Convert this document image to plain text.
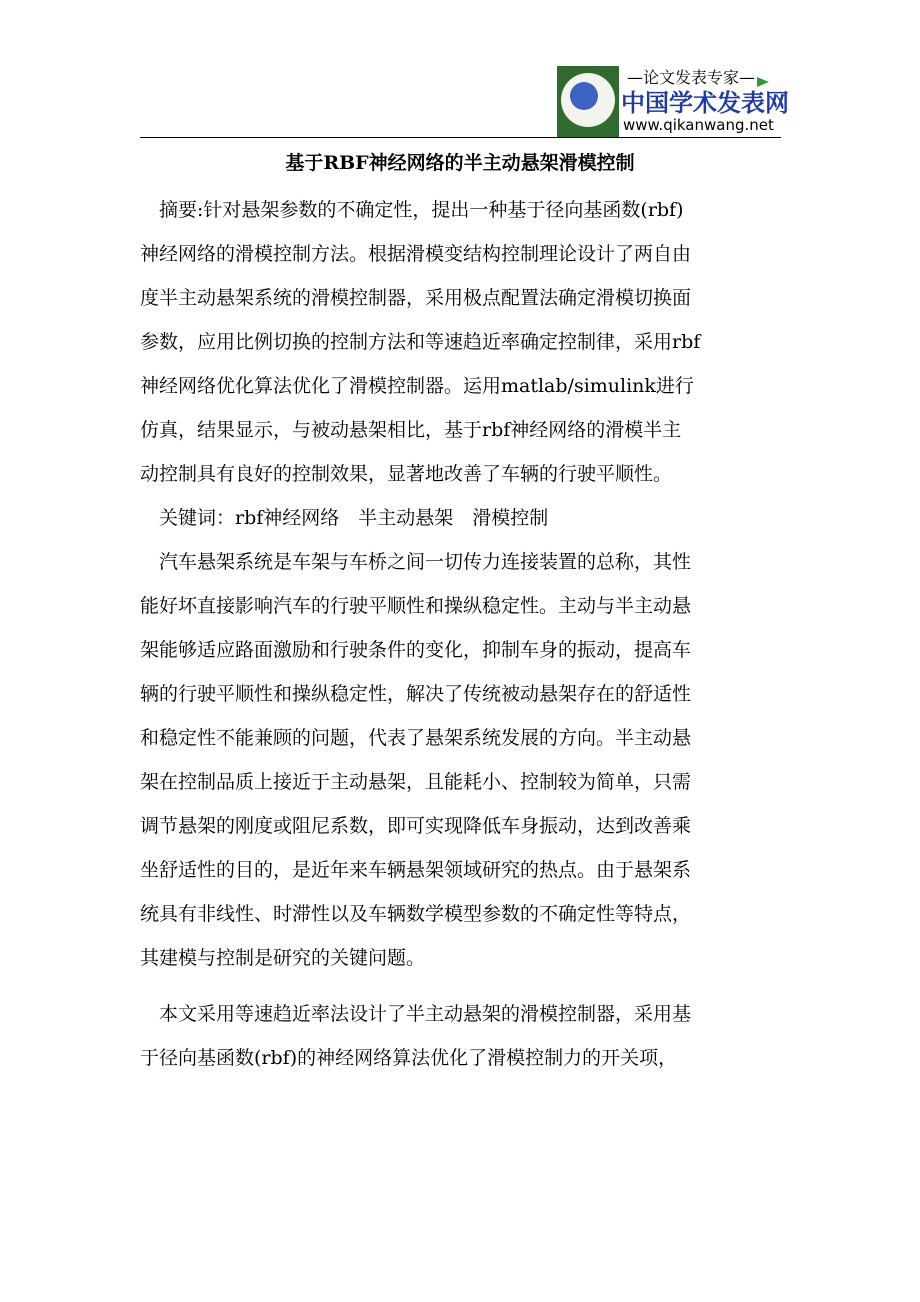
—论文发表专家—
中国学术发表网
www.qikanwang.net
基于RBF神经网络的半主动悬架滑模控制

　摘要:针对悬架参数的不确定性，提出一种基于径向基函数(rbf)

神经网络的滑模控制方法。根据滑模变结构控制理论设计了两自由

度半主动悬架系统的滑模控制器，采用极点配置法确定滑模切换面

参数，应用比例切换的控制方法和等速趋近率确定控制律，采用rbf

神经网络优化算法优化了滑模控制器。运用matlab/simulink进行

仿真，结果显示，与被动悬架相比，基于rbf神经网络的滑模半主

动控制具有良好的控制效果，显著地改善了车辆的行驶平顺性。

　关键词：rbf神经网络　半主动悬架　滑模控制

　汽车悬架系统是车架与车桥之间一切传力连接装置的总称，其性

能好坏直接影响汽车的行驶平顺性和操纵稳定性。主动与半主动悬

架能够适应路面激励和行驶条件的变化，抑制车身的振动，提高车

辆的行驶平顺性和操纵稳定性，解决了传统被动悬架存在的舒适性

和稳定性不能兼顾的问题，代表了悬架系统发展的方向。半主动悬

架在控制品质上接近于主动悬架，且能耗小、控制较为简单，只需

调节悬架的刚度或阻尼系数，即可实现降低车身振动，达到改善乘

坐舒适性的目的，是近年来车辆悬架领域研究的热点。由于悬架系

统具有非线性、时滞性以及车辆数学模型参数的不确定性等特点，

其建模与控制是研究的关键问题。

　本文采用等速趋近率法设计了半主动悬架的滑模控制器，采用基

于径向基函数(rbf)的神经网络算法优化了滑模控制力的开关项，
